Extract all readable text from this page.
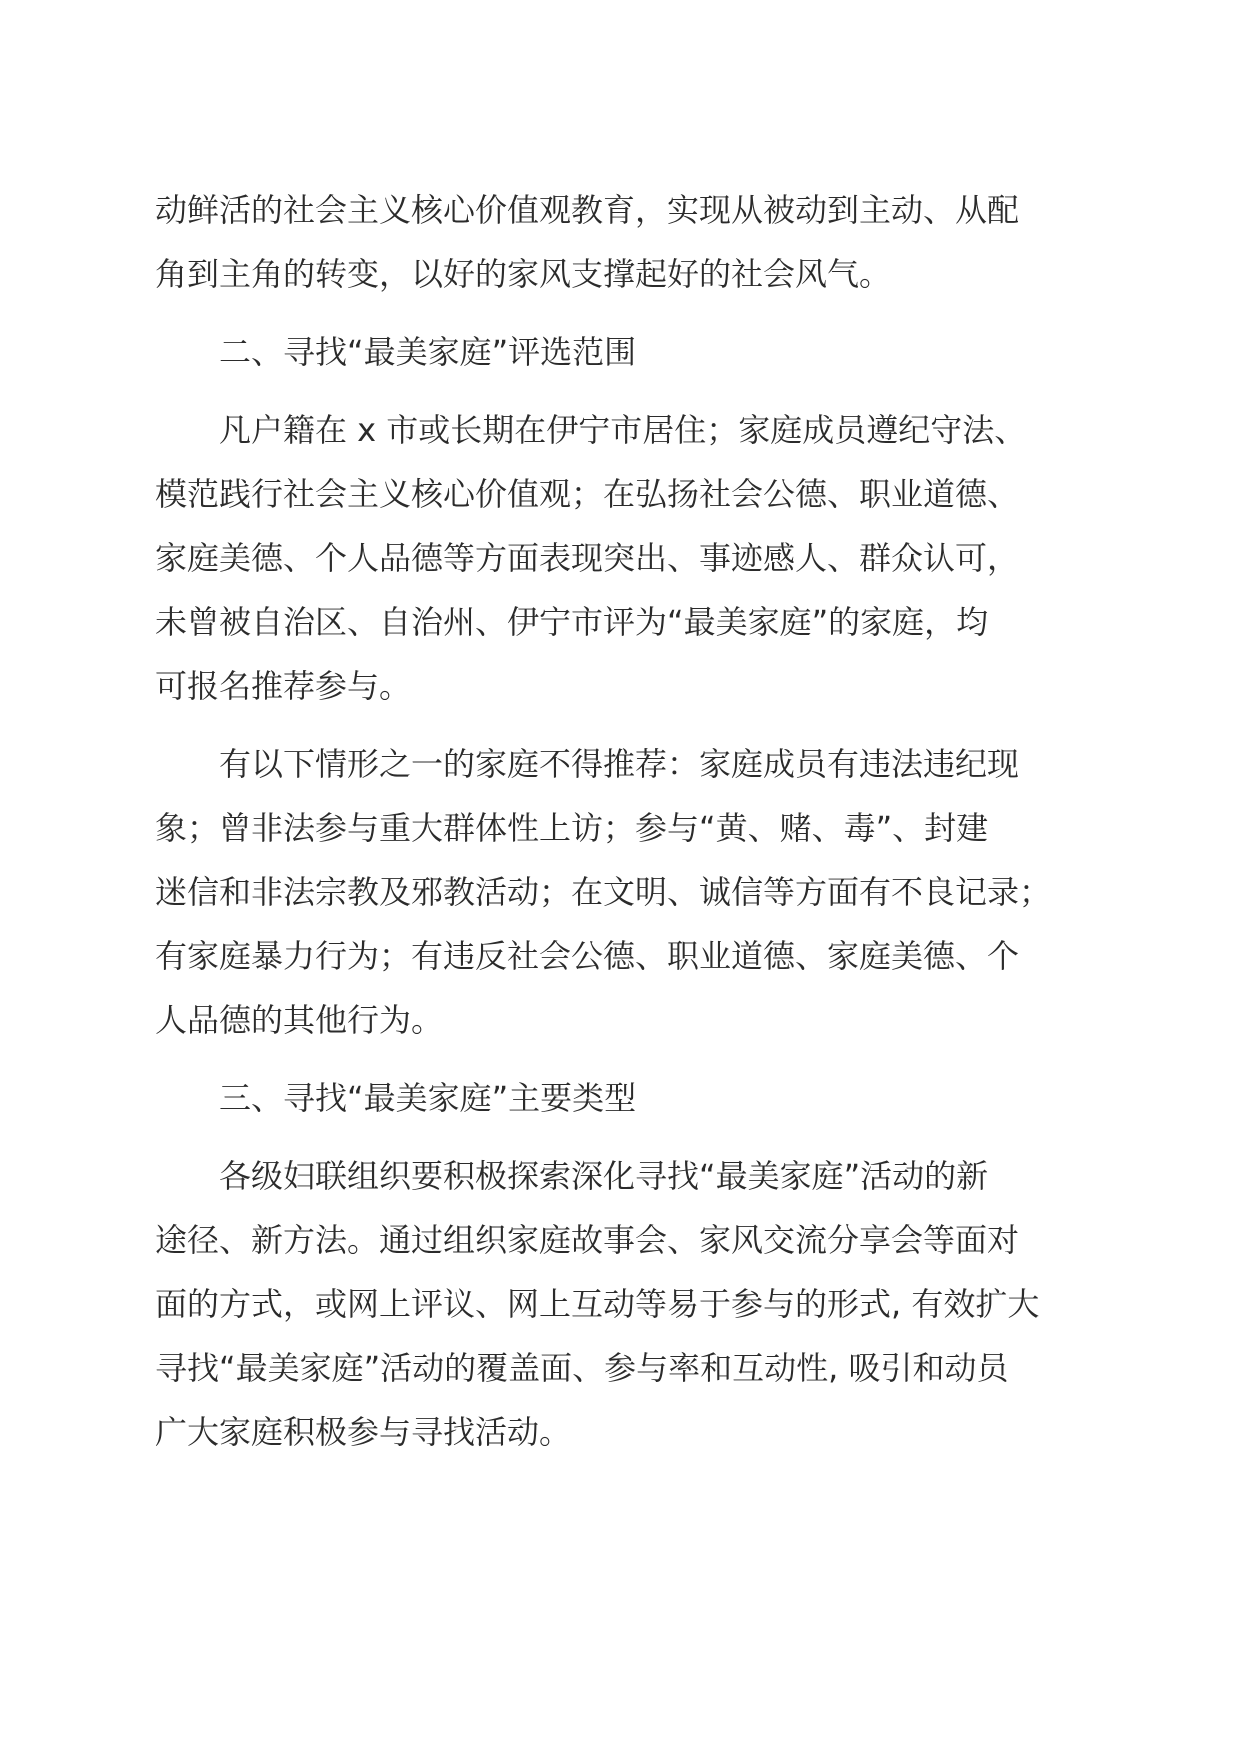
动鲜活的社会主义核心价值观教育，实现从被动到主动、从配
角到主角的转变，以好的家风支撑起好的社会风气。
二、寻找“最美家庭”评选范围
凡户籍在 x 市或长期在伊宁市居住；家庭成员遵纪守法、
模范践行社会主义核心价值观；在弘扬社会公德、职业道德、
家庭美德、个人品德等方面表现突出、事迹感人、群众认可，
未曾被自治区、自治州、伊宁市评为“最美家庭”的家庭，均
可报名推荐参与。
有以下情形之一的家庭不得推荐：家庭成员有违法违纪现
象；曾非法参与重大群体性上访；参与“黄、赌、毒”、封建
迷信和非法宗教及邪教活动；在文明、诚信等方面有不良记录；
有家庭暴力行为；有违反社会公德、职业道德、家庭美德、个
人品德的其他行为。
三、寻找“最美家庭”主要类型
各级妇联组织要积极探索深化寻找“最美家庭”活动的新
途径、新方法。通过组织家庭故事会、家风交流分享会等面对
面的方式，或网上评议、网上互动等易于参与的形式, 有效扩大
寻找“最美家庭”活动的覆盖面、参与率和互动性, 吸引和动员
广大家庭积极参与寻找活动。
